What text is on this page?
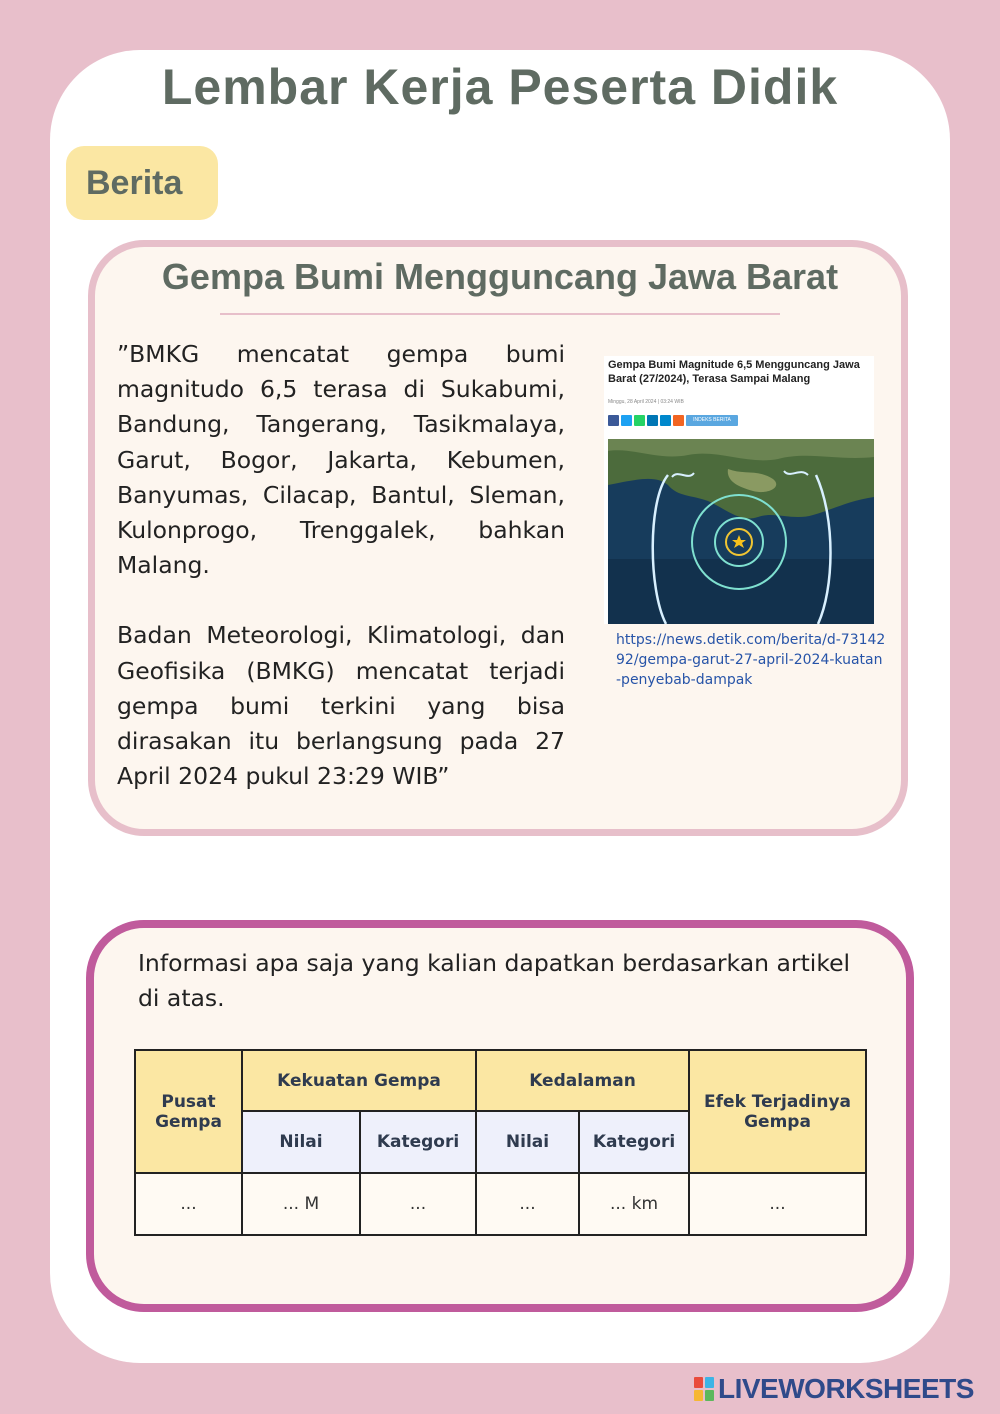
Lembar Kerja Peserta Didik
Berita
Gempa Bumi Mengguncang Jawa Barat

”BMKG mencatat gempa bumi magnitudo 6,5 terasa di Sukabumi, Bandung, Tangerang, Tasikmalaya, Garut, Bogor, Jakarta, Kebumen, Banyumas, Cilacap, Bantul, Sleman, Kulonprogo, Trenggalek, bahkan Malang.

Badan Meteorologi, Klimatologi, dan Geofisika (BMKG) mencatat terjadi gempa bumi terkini yang bisa dirasakan itu berlangsung pada 27 April 2024 pukul 23:29 WIB”

Gempa Bumi Magnitude 6,5 Mengguncang Jawa Barat (27/2024), Terasa Sampai Malang
Minggu, 28 April 2024 | 03:24 WIB
INDEKS BERITA
https://news.detik.com/berita/d-7314292/gempa-garut-27-april-2024-kuatan-penyebab-dampak
Informasi apa saja yang kalian dapatkan berdasarkan artikel di atas.
Pusat Gempa	Kekuatan Gempa		Kedalaman		Efek Terjadinya Gempa
	Nilai	Kategori	Nilai	Kategori	
...	... M	...	...	... km	...
LIVEWORKSHEETS
